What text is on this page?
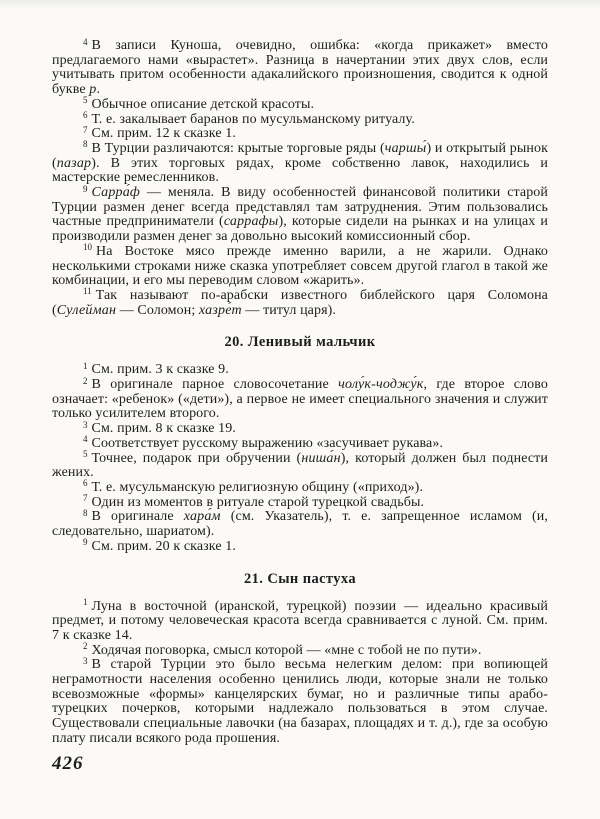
$^4$ В записи Куноша, очевидно, ошибка: «когда прикажет» вместо предлагаемого нами «вырастет». Разница в начертании этих двух слов, если учитывать притом особенности адакалийского произношения, сводится к одной букве р.

$^5$ Обычное описание детской красоты.

$^6$ Т. е. закалывает баранов по мусульманскому ритуалу.

$^7$ См. прим. 12 к сказке 1.

$^8$ В Турции различаются: крытые торговые ряды (чаршы́) и открытый рынок (пазар). В этих торговых рядах, кроме собственно лавок, находились и мастерские ремесленников.

$^9$ Сарра́ф — меняла. В виду особенностей финансовой политики старой Турции размен денег всегда представлял там затруднения. Этим пользовались частные предприниматели (саррафы), которые сидели на рынках и на улицах и производили размен денег за довольно высокий комиссионный сбор.

$^{10}$ На Востоке мясо прежде именно варили, а не жарили. Однако несколькими строками ниже сказка употребляет совсем другой глагол в такой же комбинации, и его мы переводим словом «жарить».

$^{11}$ Так называют по-арабски известного библейского царя Соломона (Сулейман — Соломон; хазре́т — титул царя).

20. Ленивый мальчик

$^1$ См. прим. 3 к сказке 9.

$^2$ В оригинале парное словосочетание чолу́к-чоджу́к, где второе слово означает: «ребенок» («дети»), а первое не имеет специального значения и служит только усилителем второго.

$^3$ См. прим. 8 к сказке 19.

$^4$ Соответствует русскому выражению «засучивает рукава».

$^5$ Точнее, подарок при обручении (ниша́н), который должен был поднести жених.

$^6$ Т. е. мусульманскую религиозную общину («приход»).

$^7$ Один из моментов в ритуале старой турецкой свадьбы.

$^8$ В оригинале хара́м (см. Указатель), т. е. запрещенное исламом (и, следовательно, шариатом).

$^9$ См. прим. 20 к сказке 1.

21. Сын пастуха

$^1$ Луна в восточной (иранской, турецкой) поэзии — идеально красивый предмет, и потому человеческая красота всегда сравнивается с луной. См. прим. 7 к сказке 14.

$^2$ Ходячая поговорка, смысл которой — «мне с тобой не по пути».

$^3$ В старой Турции это было весьма нелегким делом: при вопиющей неграмотности населения особенно ценились люди, которые знали не только всевозможные «формы» канцелярских бумаг, но и различные типы арабо-турецких почерков, которыми надлежало пользоваться в этом случае. Существовали специальные лавочки (на базарах, площадях и т. д.), где за особую плату писали всякого рода прошения.

426
